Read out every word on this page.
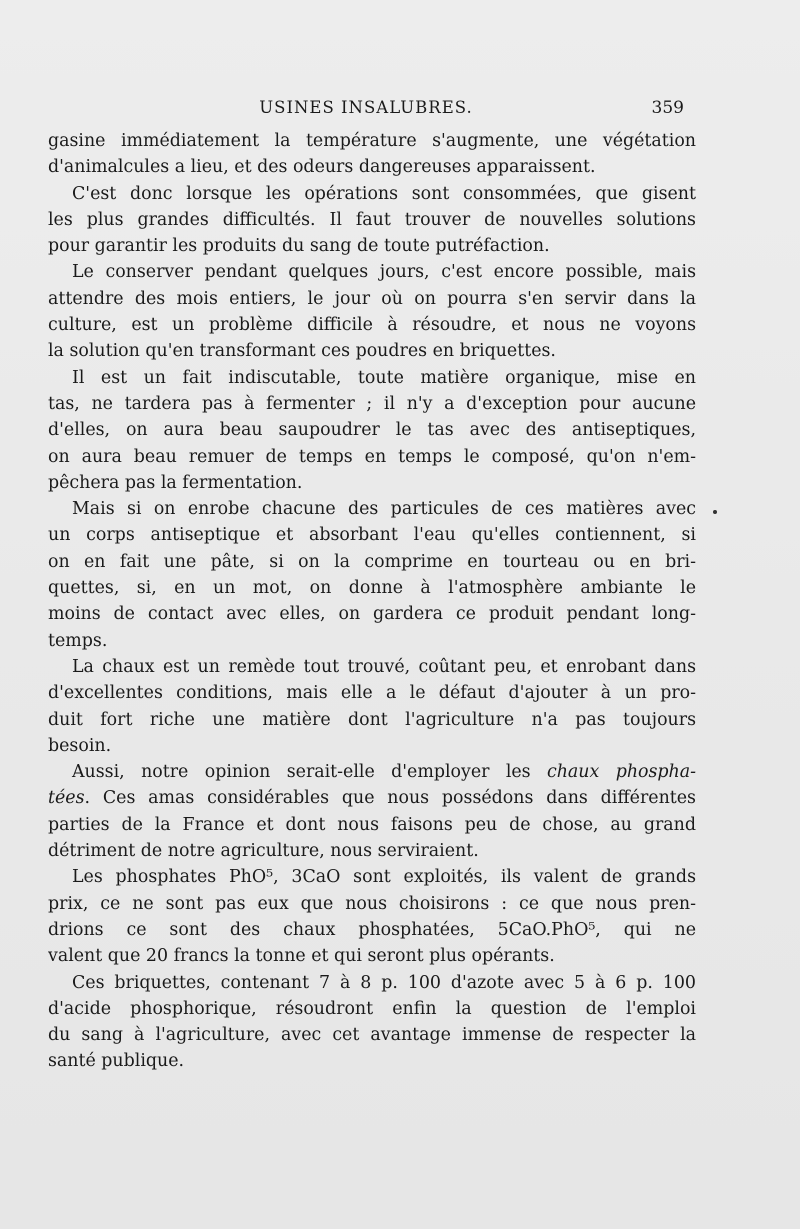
USINES INSALUBRES.	359
gasine immédiatement la température s'augmente, une végétation
d'animalcules a lieu, et des odeurs dangereuses apparaissent.
C'est donc lorsque les opérations sont consommées, que gisent
les plus grandes difficultés. Il faut trouver de nouvelles solutions
pour garantir les produits du sang de toute putréfaction.
Le conserver pendant quelques jours, c'est encore possible, mais
attendre des mois entiers, le jour où on pourra s'en servir dans la
culture, est un problème difficile à résoudre, et nous ne voyons
la solution qu'en transformant ces poudres en briquettes.
Il est un fait indiscutable, toute matière organique, mise en
tas, ne tardera pas à fermenter ; il n'y a d'exception pour aucune
d'elles, on aura beau saupoudrer le tas avec des antiseptiques,
on aura beau remuer de temps en temps le composé, qu'on n'em-
pêchera pas la fermentation.
Mais si on enrobe chacune des particules de ces matières avec
un corps antiseptique et absorbant l'eau qu'elles contiennent, si
on en fait une pâte, si on la comprime en tourteau ou en bri-
quettes, si, en un mot, on donne à l'atmosphère ambiante le
moins de contact avec elles, on gardera ce produit pendant long-
temps.
La chaux est un remède tout trouvé, coûtant peu, et enrobant dans
d'excellentes conditions, mais elle a le défaut d'ajouter à un pro-
duit fort riche une matière dont l'agriculture n'a pas toujours
besoin.
Aussi, notre opinion serait-elle d'employer les chaux phospha-
tées. Ces amas considérables que nous possédons dans différentes
parties de la France et dont nous faisons peu de chose, au grand
détriment de notre agriculture, nous serviraient.
Les phosphates PhO⁵, 3CaO sont exploités, ils valent de grands
prix, ce ne sont pas eux que nous choisirons : ce que nous pren-
drions ce sont des chaux phosphatées, 5CaO.PhO⁵, qui ne
valent que 20 francs la tonne et qui seront plus opérants.
Ces briquettes, contenant 7 à 8 p. 100 d'azote avec 5 à 6 p. 100
d'acide phosphorique, résoudront enfin la question de l'emploi
du sang à l'agriculture, avec cet avantage immense de respecter la
santé publique.
